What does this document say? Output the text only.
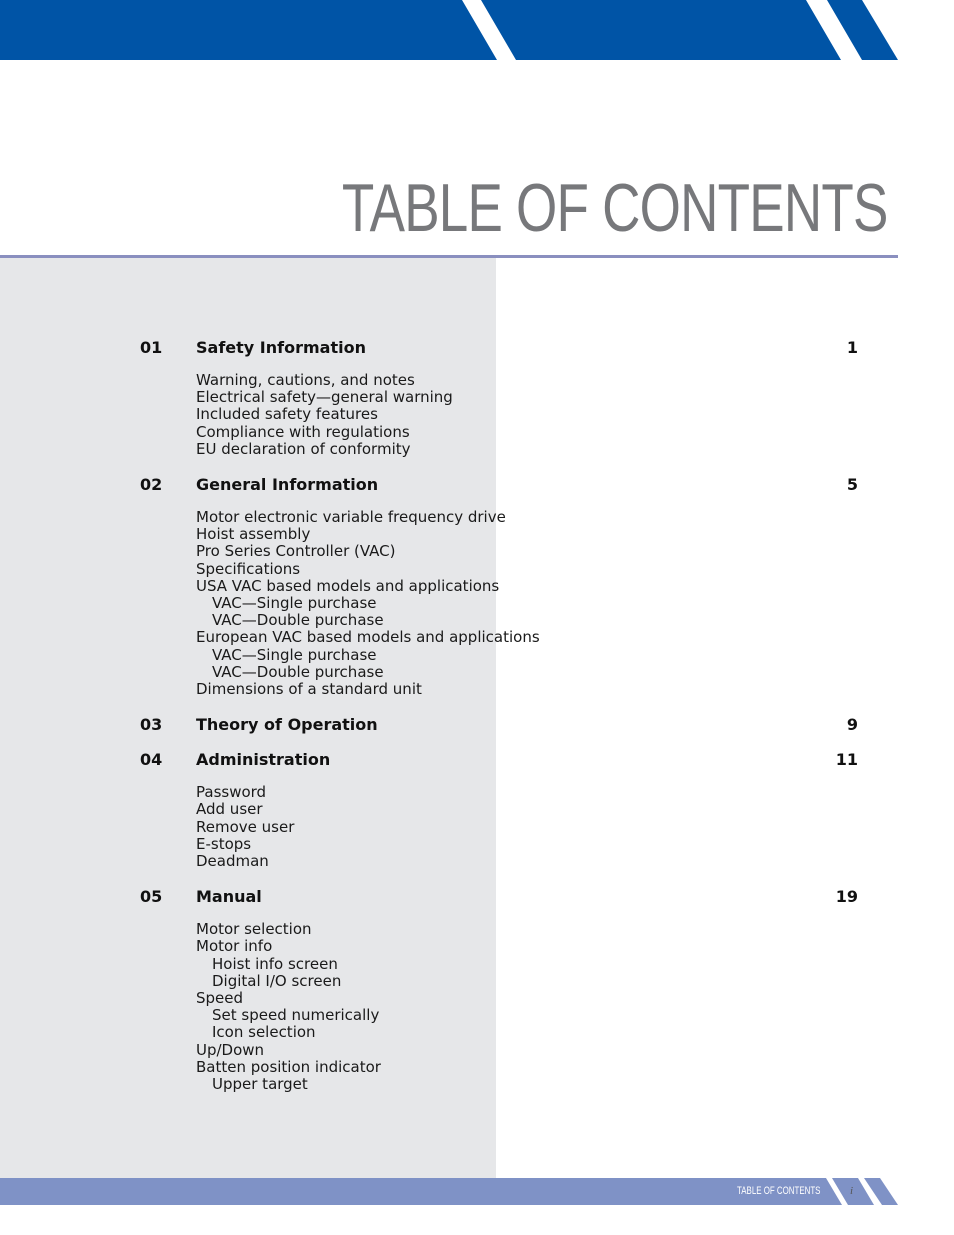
TABLE OF CONTENTS
01 Safety Information	1
Warning, cautions, and notes
Electrical safety—general warning
Included safety features
Compliance with regulations
EU declaration of conformity
02 General Information	5
Motor electronic variable frequency drive
Hoist assembly
Pro Series Controller (VAC)
Specifications
USA VAC based models and applications
VAC—Single purchase
VAC—Double purchase
European VAC based models and applications
VAC—Single purchase
VAC—Double purchase
Dimensions of a standard unit
03 Theory of Operation	9
04 Administration	11
Password
Add user
Remove user
E-stops
Deadman
05 Manual	19
Motor selection
Motor info
Hoist info screen
Digital I/O screen
Speed
Set speed numerically
Icon selection
Up/Down
Batten position indicator
Upper target
TABLE OF CONTENTS	i
